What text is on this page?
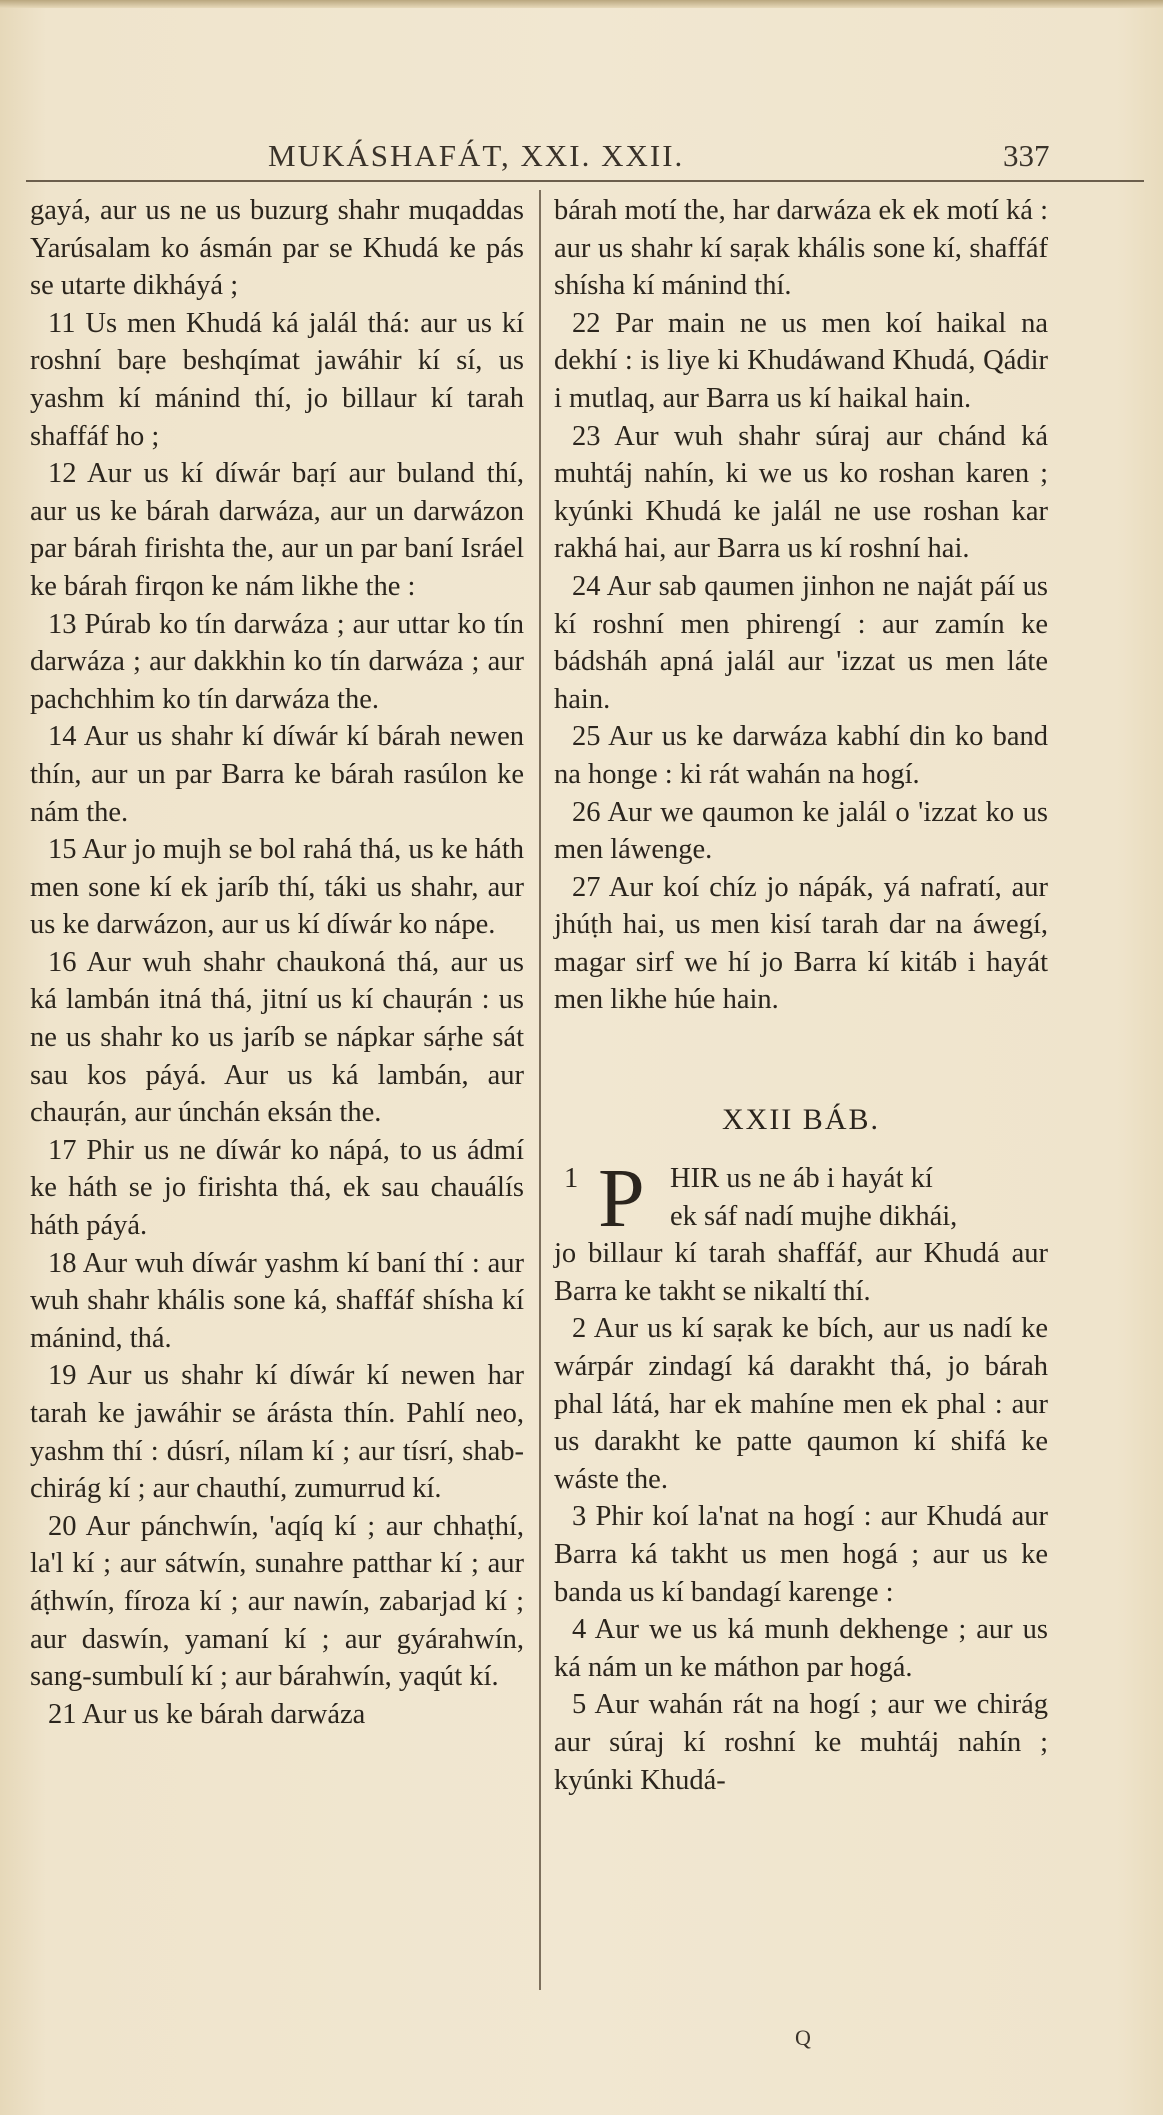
MUKÁSHAFÁT, XXI. XXII.	337

gayá, aur us ne us buzurg shahr muqaddas Yarúsalam ko ásmán par se Khudá ke pás se utarte dikháyá ;

11 Us men Khudá ká jalál thá: aur us kí roshní baṛe beshqímat jawáhir kí sí, us yashm kí mánind thí, jo billaur kí tarah shaffáf ho ;

12 Aur us kí díwár baṛí aur buland thí, aur us ke bárah darwáza, aur un darwázon par bárah firishta the, aur un par baní Isráel ke bárah firqon ke nám likhe the :

13 Púrab ko tín darwáza ; aur uttar ko tín darwáza ; aur dakkhin ko tín darwáza ; aur pachchhim ko tín darwáza the.

14 Aur us shahr kí díwár kí bárah newen thín, aur un par Barra ke bárah rasúlon ke nám the.

15 Aur jo mujh se bol rahá thá, us ke háth men sone kí ek jaríb thí, táki us shahr, aur us ke darwázon, aur us kí díwár ko nápe.

16 Aur wuh shahr chaukoná thá, aur us ká lambán itná thá, jitní us kí chauṛán : us ne us shahr ko us jaríb se nápkar sáṛhe sát sau kos páyá. Aur us ká lambán, aur chauṛán, aur únchán eksán the.

17 Phir us ne díwár ko nápá, to us ádmí ke háth se jo firishta thá, ek sau chauálís háth páyá.

18 Aur wuh díwár yashm kí baní thí : aur wuh shahr khális sone ká, shaffáf shísha kí mánind, thá.

19 Aur us shahr kí díwár kí newen har tarah ke jawáhir se árásta thín. Pahlí neo, yashm thí : dúsrí, nílam kí ; aur tísrí, shab-chirág kí ; aur chauthí, zumurrud kí.

20 Aur pánchwín, 'aqíq kí ; aur chhaṭhí, la'l kí ; aur sátwín, sunahre patthar kí ; aur áṭhwín, fíroza kí ; aur nawín, zabarjad kí ; aur daswín, yamaní kí ; aur gyárahwín, sang-sumbulí kí ; aur bárahwín, yaqút kí.

21 Aur us ke bárah darwáza

bárah motí the, har darwáza ek ek motí ká : aur us shahr kí saṛak khális sone kí, shaffáf shísha kí mánind thí.

22 Par main ne us men koí haikal na dekhí : is liye ki Khudáwand Khudá, Qádir i mutlaq, aur Barra us kí haikal hain.

23 Aur wuh shahr súraj aur chánd ká muhtáj nahín, ki we us ko roshan karen ; kyúnki Khudá ke jalál ne use roshan kar rakhá hai, aur Barra us kí roshní hai.

24 Aur sab qaumen jinhon ne naját páí us kí roshní men phirengí : aur zamín ke bádsháh apná jalál aur 'izzat us men láte hain.

25 Aur us ke darwáza kabhí din ko band na honge : ki rát wahán na hogí.

26 Aur we qaumon ke jalál o 'izzat ko us men láwenge.

27 Aur koí chíz jo nápák, yá nafratí, aur jhúṭh hai, us men kisí tarah dar na áwegí, magar sirf we hí jo Barra kí kitáb i hayát men likhe húe hain.

XXII BÁB.

1 P HIR us ne áb i hayát kí
ek sáf nadí mujhe dikhái,
jo billaur kí tarah shaffáf, aur Khudá aur Barra ke takht se nikaltí thí.

2 Aur us kí saṛak ke bích, aur us nadí ke wárpár zindagí ká darakht thá, jo bárah phal látá, har ek mahíne men ek phal : aur us darakht ke patte qaumon kí shifá ke wáste the.

3 Phir koí la'nat na hogí : aur Khudá aur Barra ká takht us men hogá ; aur us ke banda us kí bandagí karenge :

4 Aur we us ká munh dekhenge ; aur us ká nám un ke máthon par hogá.

5 Aur wahán rát na hogí ; aur we chirág aur súraj kí roshní ke muhtáj nahín ; kyúnki Khudá-

Q
